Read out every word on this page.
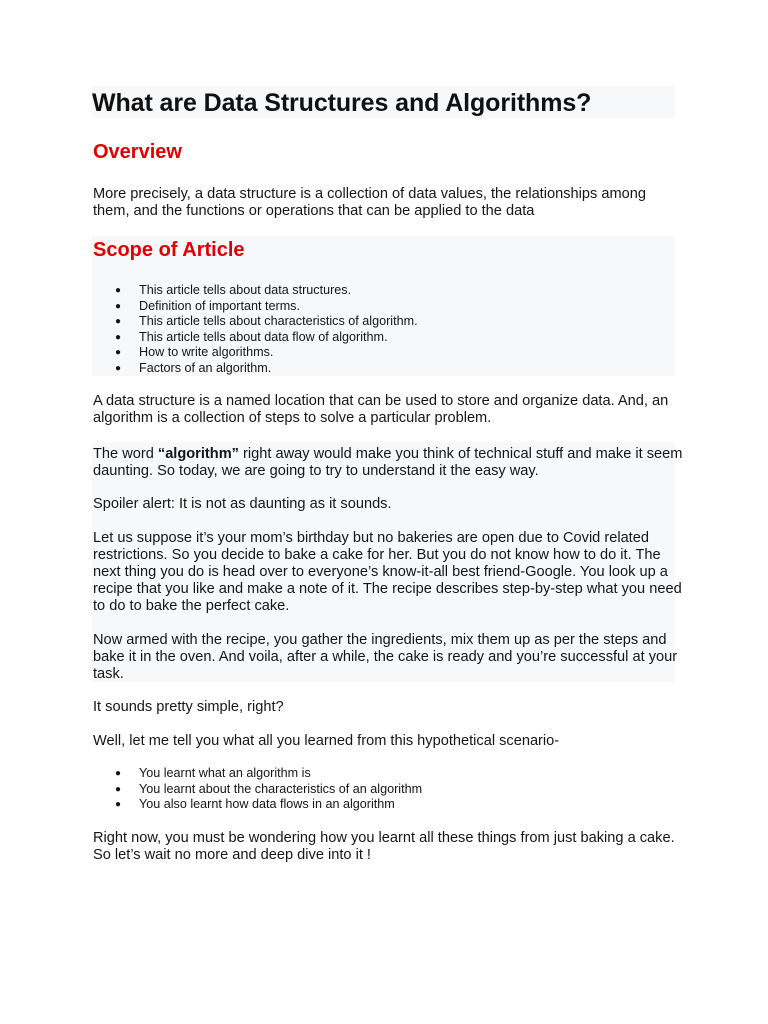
What are Data Structures and Algorithms?
Overview

More precisely, a data structure is a collection of data values, the relationships among them, and the functions or operations that can be applied to the data

Scope of Article
● This article tells about data structures.
● Definition of important terms.
● This article tells about characteristics of algorithm.
● This article tells about data flow of algorithm.
● How to write algorithms.
● Factors of an algorithm.

A data structure is a named location that can be used to store and organize data. And, an algorithm is a collection of steps to solve a particular problem.

The word “algorithm” right away would make you think of technical stuff and make it seem daunting. So today, we are going to try to understand it the easy way.

Spoiler alert: It is not as daunting as it sounds.

Let us suppose it’s your mom’s birthday but no bakeries are open due to Covid related restrictions. So you decide to bake a cake for her. But you do not know how to do it. The next thing you do is head over to everyone’s know-it-all best friend-Google. You look up a recipe that you like and make a note of it. The recipe describes step-by-step what you need to do to bake the perfect cake.

Now armed with the recipe, you gather the ingredients, mix them up as per the steps and bake it in the oven. And voila, after a while, the cake is ready and you’re successful at your task.

It sounds pretty simple, right?

Well, let me tell you what all you learned from this hypothetical scenario-

● You learnt what an algorithm is
● You learnt about the characteristics of an algorithm
● You also learnt how data flows in an algorithm

Right now, you must be wondering how you learnt all these things from just baking a cake. So let’s wait no more and deep dive into it !
